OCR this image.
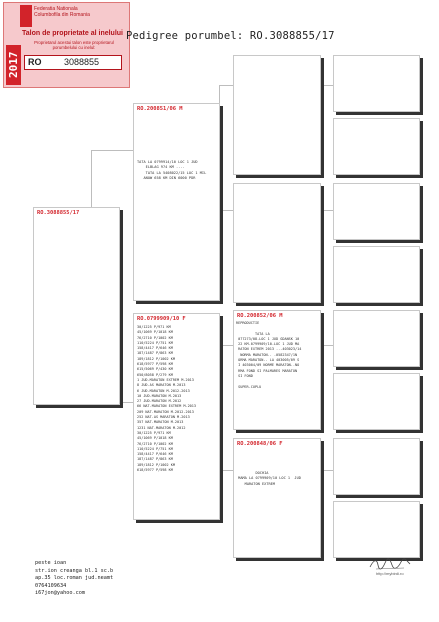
Federatia Nationala
Columbofila din Romania
Talon de proprietate al inelului
Proprietarul acestui talon este proprietarul porumbelului cu inelul:
RO	3088855
2017
Pedigree porumbel: RO.3088855/17
RO.3088855/17
RO.200851/06 M
TATA LA 0799914/10 LOC 1 JUD
ELBLAG 974 KM ....
TATA LA 5408022/15 LOC 1 MIL
ANOW 658 KM DIN 6000 PDR
RO.0799909/10 F
30/1225 P/971 KM
45/1069 P/1018 KM
76/2710 P/1002 KM
110/5224 P/751 KM
158/4417 P/646 KM
187/1487 P/863 KM
189/1812 P/1002 KM
618/5977 P/598 KM
615/5069 P/430 KM
650/8058 P/279 KM
1 JUD.MARATON EXTREM M.2013
8 JUD.AS MARATON M.2013
6 JUD.MARATON M.2012-2013
10 JUD.MARATON M.2013
27 JUD.MARATON M.2012
66 NAT.MARATON EXTREM M.2013
209 NAT.MARATON M.2012-2013
252 NAT.AS MARATON M.2013
357 NAT.MARATON M.2013
1231 NAT.MARATON M.2012
30/1225 P/971 KM
45/1069 P/1018 KM
76/2710 P/1002 KM
110/5224 P/751 KM
158/4417 P/646 KM
187/1487 P/863 KM
189/1812 P/1002 KM
618/5977 P/598 KM
RO.200852/06 M
REPRODUCTIE

TATA LA
077273/08-LOC 1 JUD GDANSK 10
22 KM-0799909/10-LOC 1 JUD MA
RATON EXTREM 2013 ..-403023/14
NORMA MARATON.. -0582347/1N
ORMA MARATON.. LA 403005/09 S
I 403004/09 NORME MARATON..NO
RMA FOND SI PALMARES MARATON
SI FOND

SUPER-CUPLU
RO.200848/06 F
DOCHIA
MAMA LA 0799909/10 LOC 1  JUD
MARATON EXTREM
peste ioan
str.ion creanga bl.1 sc.b
ap.35 loc.roman jud.neamt
0764109634
i67jon@yahoo.com
http://mybirdi.ro
